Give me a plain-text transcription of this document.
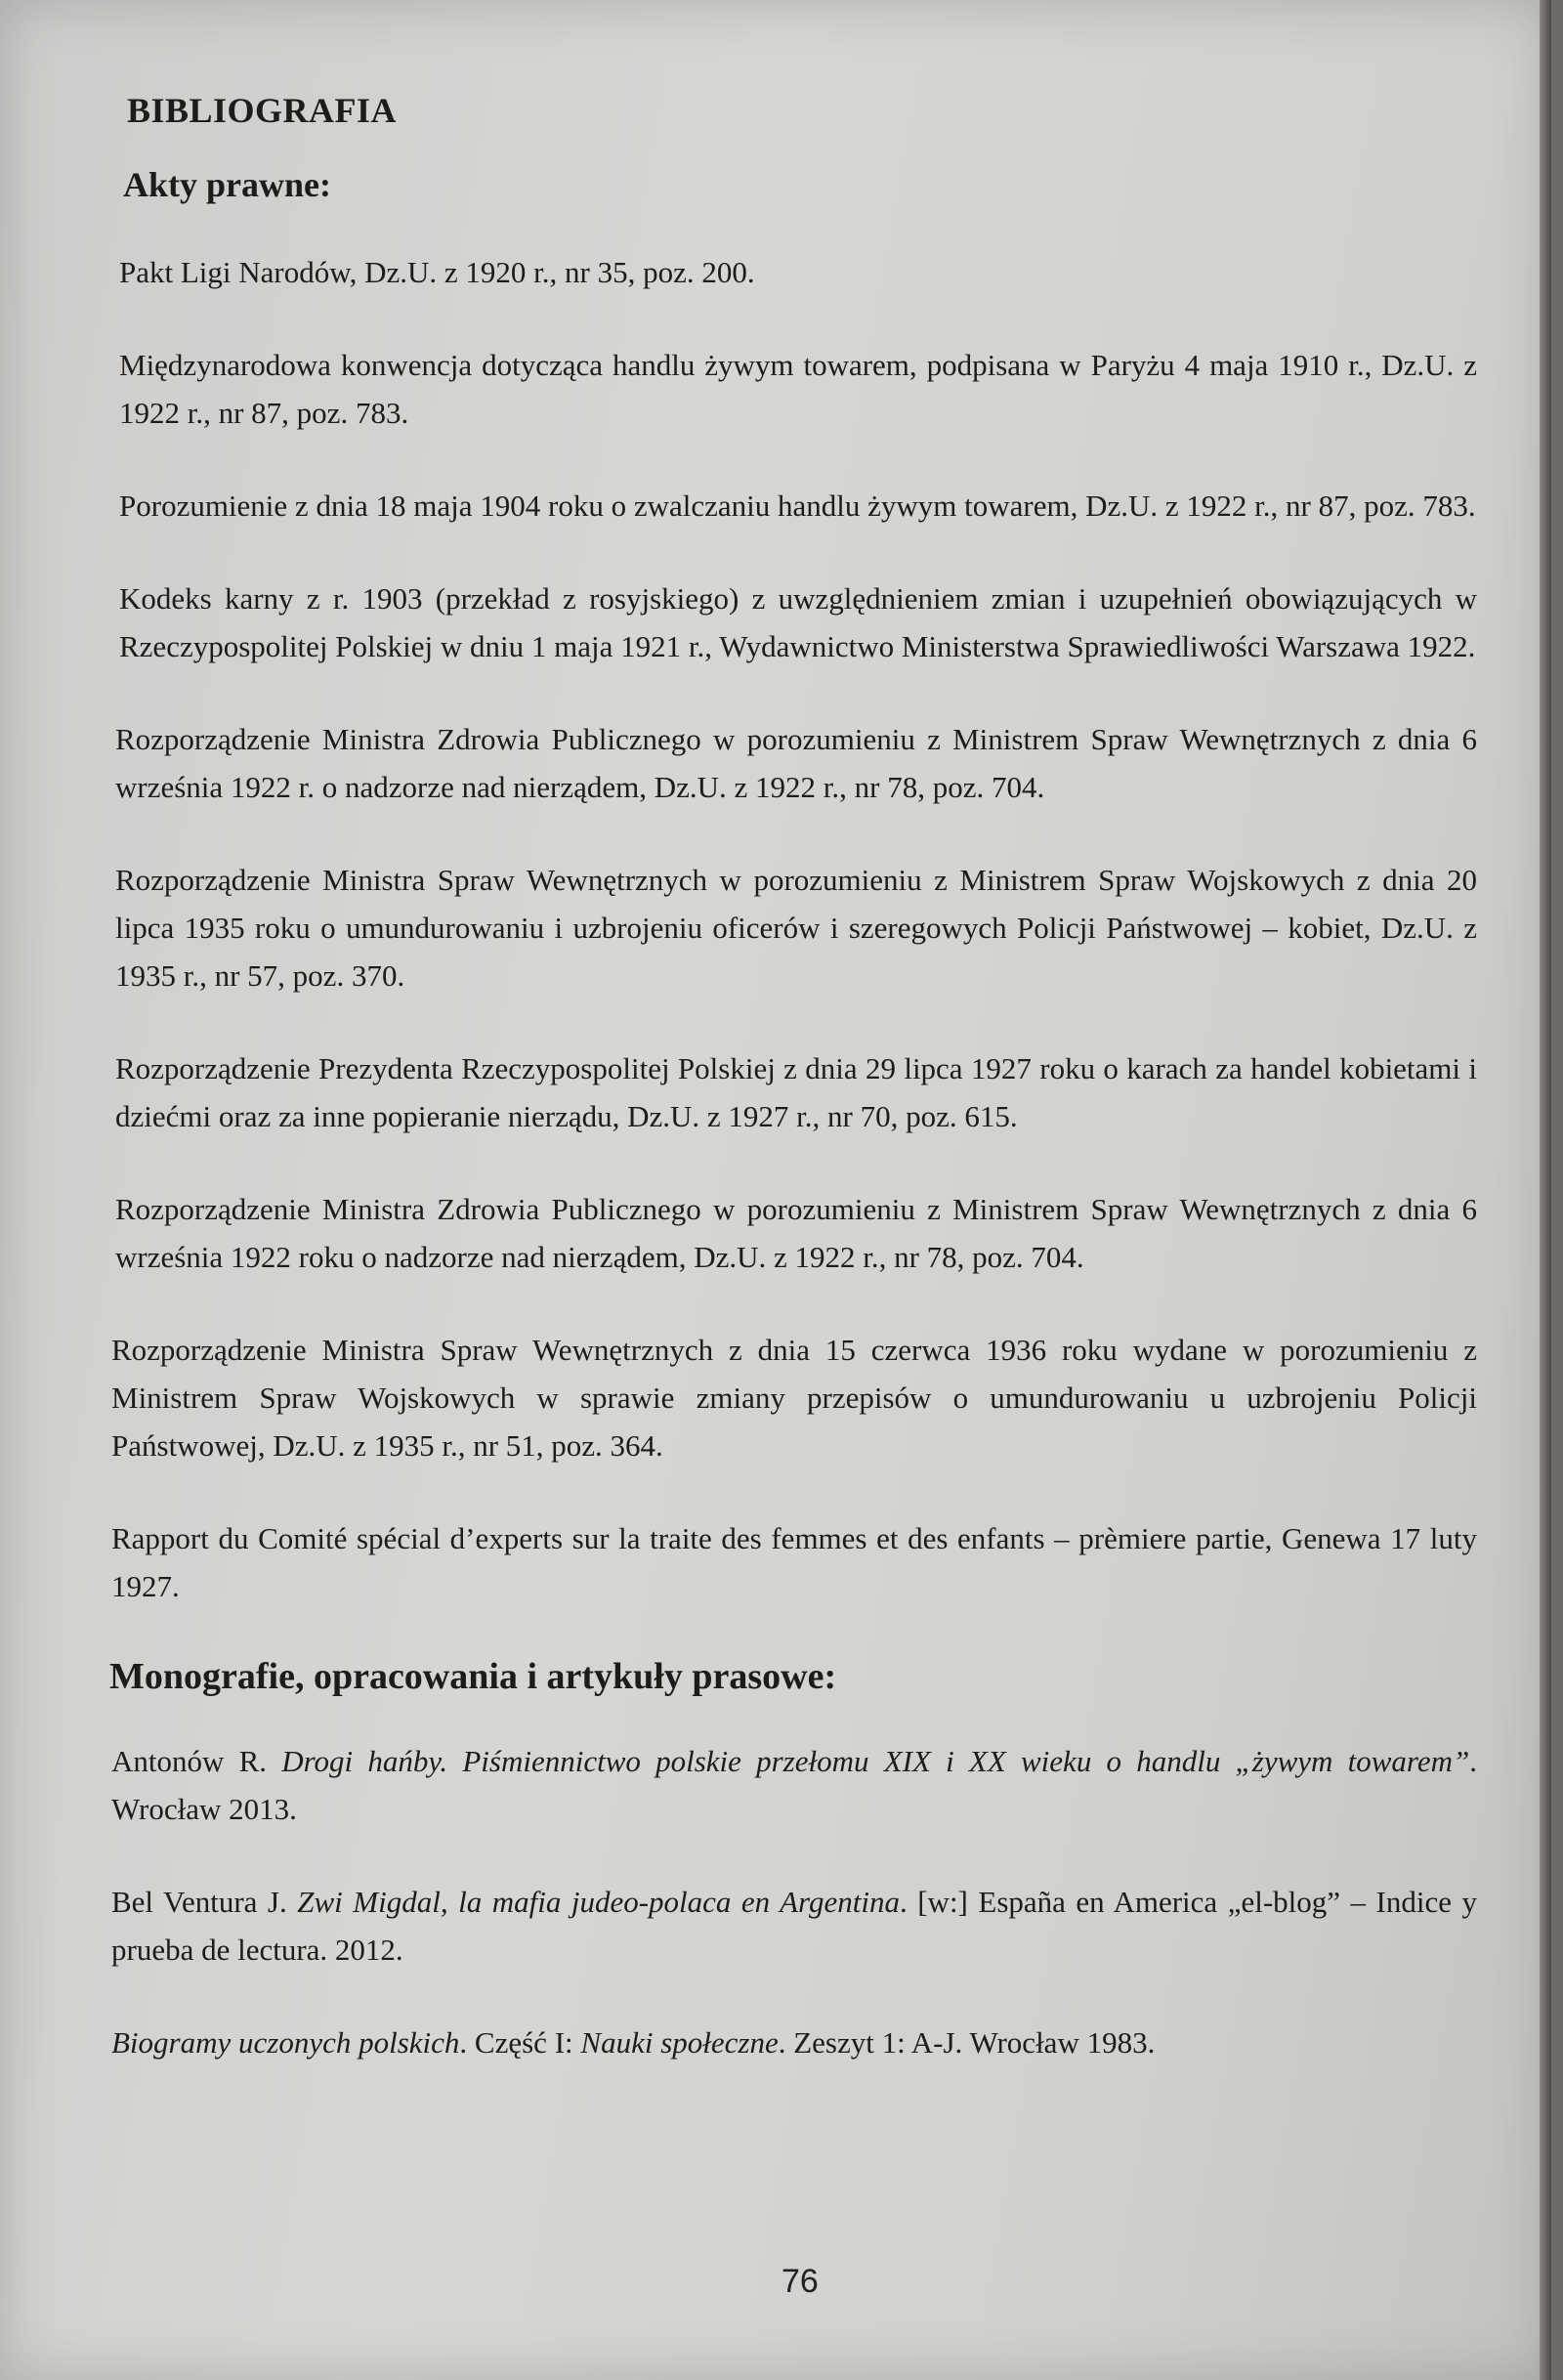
BIBLIOGRAFIA
Akty prawne:

Pakt Ligi Narodów, Dz.U. z 1920 r., nr 35, poz. 200.

Międzynarodowa konwencja dotycząca handlu żywym towarem, podpisana w Paryżu 4 maja 1910 r., Dz.U. z 1922 r., nr 87, poz. 783.

Porozumienie z dnia 18 maja 1904 roku o zwalczaniu handlu żywym towarem, Dz.U. z 1922 r., nr 87, poz. 783.

Kodeks karny z r. 1903 (przekład z rosyjskiego) z uwzględnieniem zmian i uzupełnień obowiązujących w Rzeczypospolitej Polskiej w dniu 1 maja 1921 r., Wydawnictwo Ministerstwa Sprawiedliwości Warszawa 1922.

Rozporządzenie Ministra Zdrowia Publicznego w porozumieniu z Ministrem Spraw Wewnętrznych z dnia 6 września 1922 r. o nadzorze nad nierządem, Dz.U. z 1922 r., nr 78, poz. 704.

Rozporządzenie Ministra Spraw Wewnętrznych w porozumieniu z Ministrem Spraw Wojskowych z dnia 20 lipca 1935 roku o umundurowaniu i uzbrojeniu oficerów i szeregowych Policji Państwowej – kobiet, Dz.U. z 1935 r., nr 57, poz. 370.

Rozporządzenie Prezydenta Rzeczypospolitej Polskiej z dnia 29 lipca 1927 roku o karach za handel kobietami i dziećmi oraz za inne popieranie nierządu, Dz.U. z 1927 r., nr 70, poz. 615.

Rozporządzenie Ministra Zdrowia Publicznego w porozumieniu z Ministrem Spraw Wewnętrznych z dnia 6 września 1922 roku o nadzorze nad nierządem, Dz.U. z 1922 r., nr 78, poz. 704.

Rozporządzenie Ministra Spraw Wewnętrznych z dnia 15 czerwca 1936 roku wydane w porozumieniu z Ministrem Spraw Wojskowych w sprawie zmiany przepisów o umundurowaniu u uzbrojeniu Policji Państwowej, Dz.U. z 1935 r., nr 51, poz. 364.

Rapport du Comité spécial d’experts sur la traite des femmes et des enfants – prèmiere partie, Genewa 17 luty 1927.

Monografie, opracowania i artykuły prasowe:

Antonów R. Drogi hańby. Piśmiennictwo polskie przełomu XIX i XX wieku o handlu „żywym towarem”. Wrocław 2013.

Bel Ventura J. Zwi Migdal, la mafia judeo-polaca en Argentina. [w:] España en America „el-blog” – Indice y prueba de lectura. 2012.

Biogramy uczonych polskich. Część I: Nauki społeczne. Zeszyt 1: A-J. Wrocław 1983.

76
